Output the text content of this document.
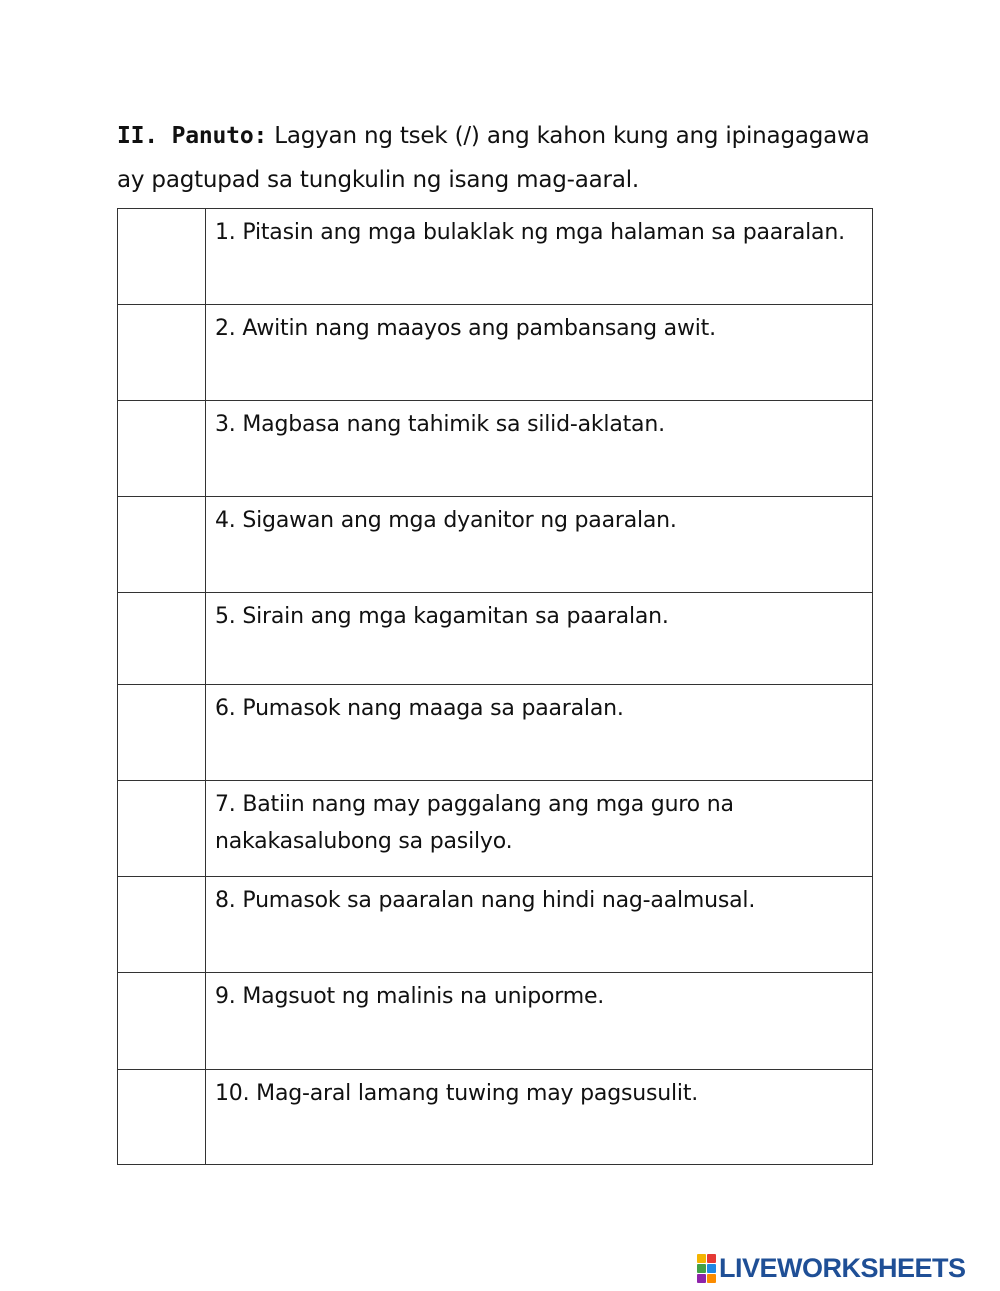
II. Panuto: Lagyan ng tsek (/) ang kahon kung ang ipinagagawa ay pagtupad sa tungkulin ng isang mag-aaral.
	1. Pitasin ang mga bulaklak ng mga halaman sa paaralan.
	2. Awitin nang maayos ang pambansang awit.
	3. Magbasa nang tahimik sa silid-aklatan.
	4. Sigawan ang mga dyanitor ng paaralan.
	5. Sirain ang mga kagamitan sa paaralan.
	6. Pumasok nang maaga sa paaralan.
	7. Batiin nang may paggalang ang mga guro na nakakasalubong sa pasilyo.
	8. Pumasok sa paaralan nang hindi nag-aalmusal.
	9. Magsuot ng malinis na uniporme.
	10. Mag-aral lamang tuwing may pagsusulit.
LIVEWORKSHEETS
